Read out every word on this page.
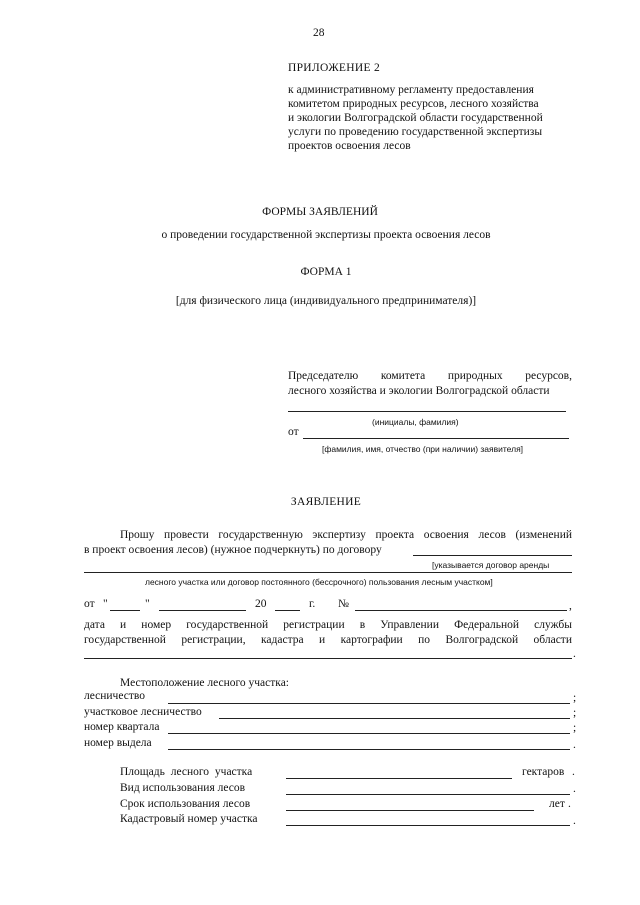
28
ПРИЛОЖЕНИЕ 2
к административному регламенту предоставления
комитетом природных ресурсов, лесного хозяйства
и экологии Волгоградской области государственной
услуги по проведению государственной экспертизы
проектов освоения лесов
ФОРМЫ ЗАЯВЛЕНИЙ
о проведении государственной экспертизы проекта освоения лесов
ФОРМА 1
[для физического лица (индивидуального предпринимателя)]
Председателю комитета природных ресурсов,
лесного хозяйства и экологии Волгоградской области
(инициалы, фамилия)
от
[фамилия, имя, отчество (при наличии) заявителя]
ЗАЯВЛЕНИЕ
Прошу провести государственную экспертизу проекта освоения лесов (изменений
в проект освоения лесов) (нужное подчеркнуть) по договору
[указывается договор аренды
лесного участка или договор постоянного (бессрочного) пользования лесным участком]
от "	"	20	г. №	,
дата и номер государственной регистрации в Управлении Федеральной службы
государственной регистрации, кадастра и картографии по Волгоградской области
.
Местоположение лесного участка:
лесничество	;
участковое лесничество	;
номер квартала	;
номер выдела	.
Площадь лесного участка	гектаров .
Вид использования лесов	.
Срок использования лесов	лет .
Кадастровый номер участка	.
